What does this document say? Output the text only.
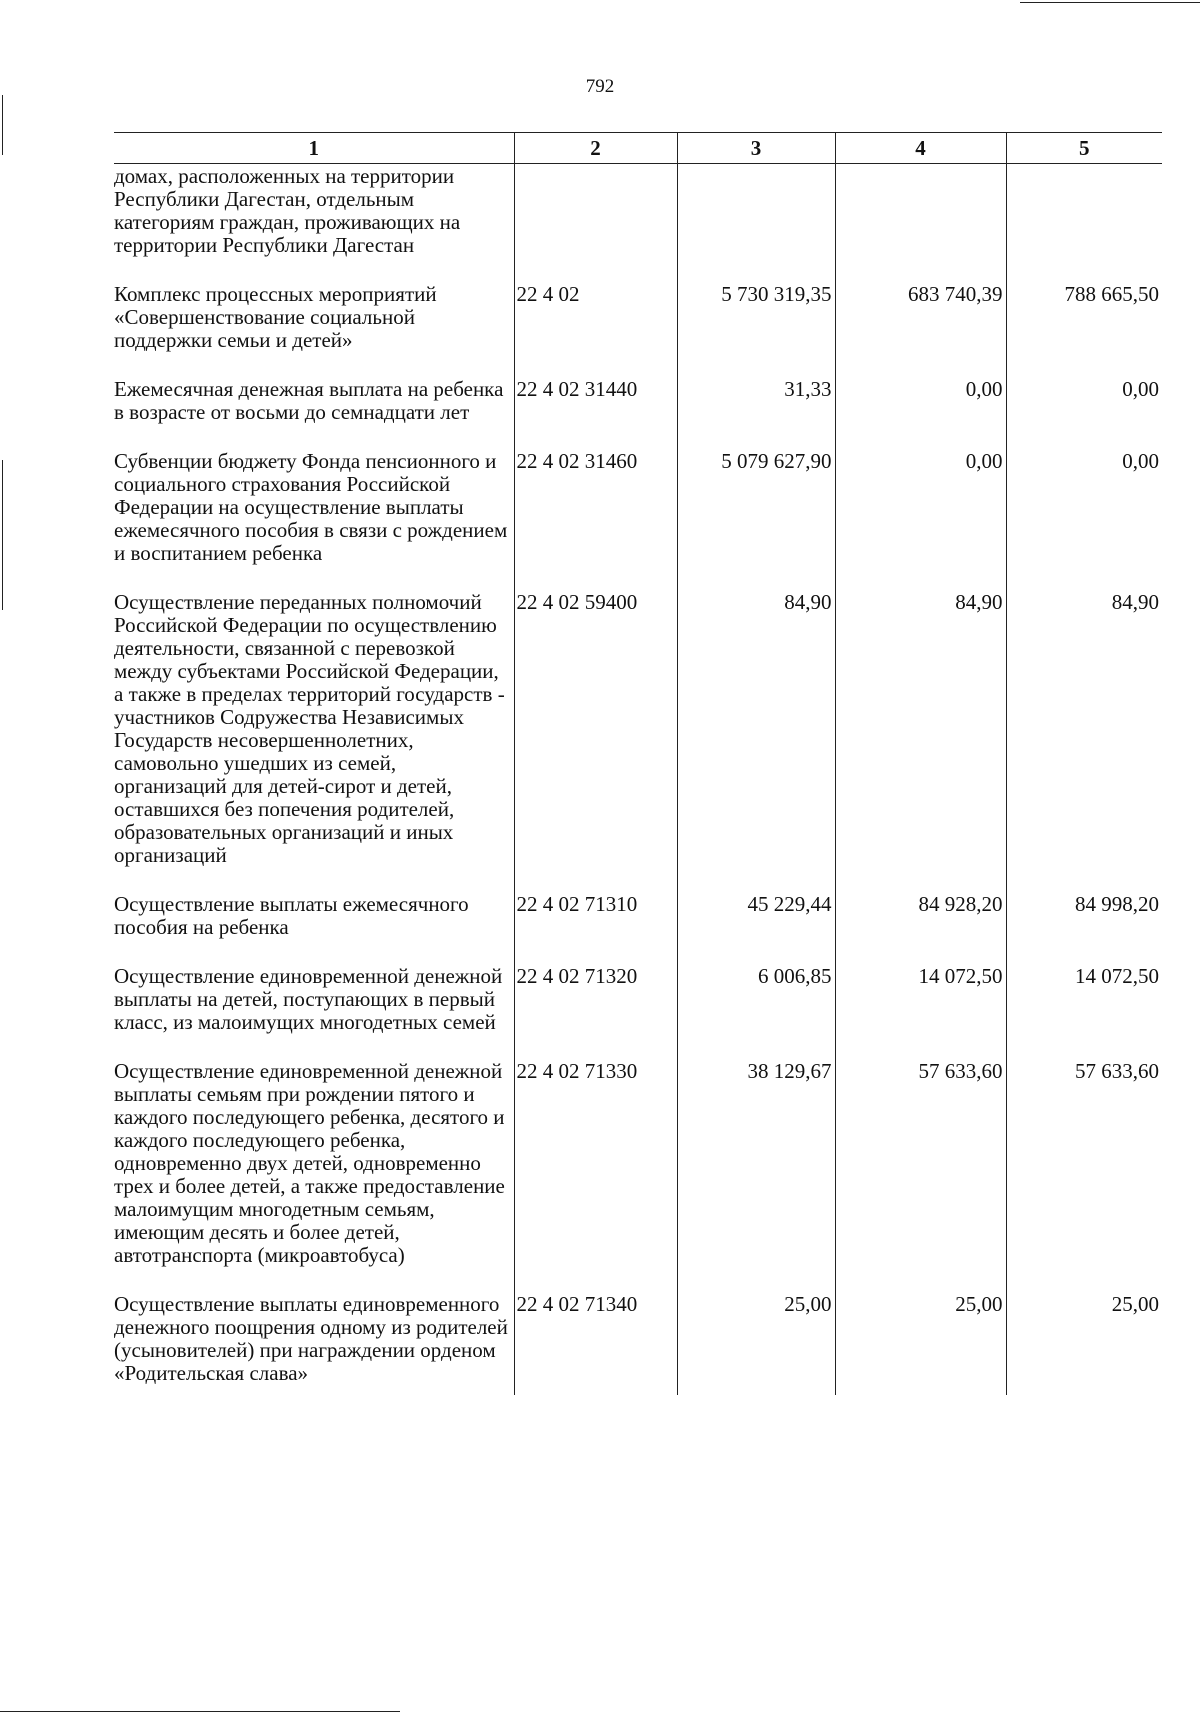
792
1	2	3	4	5
домах, расположенных на территории Республики Дагестан, отдельным категориям граждан, проживающих на территории Республики Дагестан				
Комплекс процессных мероприятий «Совершенствование социальной поддержки семьи и детей»	22 4 02	5 730 319,35	683 740,39	788 665,50
Ежемесячная денежная выплата на ребенка в возрасте от восьми до семнадцати лет	22 4 02 31440	31,33	0,00	0,00
Субвенции бюджету Фонда пенсионного и социального страхования Российской Федерации на осуществление выплаты ежемесячного пособия в связи с рождением и воспитанием ребенка	22 4 02 31460	5 079 627,90	0,00	0,00
Осуществление переданных полномочий Российской Федерации по осуществлению деятельности, связанной с перевозкой между субъектами Российской Федерации, а также в пределах территорий государств - участников Содружества Независимых Государств несовершеннолетних, самовольно ушедших из семей, организаций для детей-сирот и детей, оставшихся без попечения родителей, образовательных организаций и иных организаций	22 4 02 59400	84,90	84,90	84,90
Осуществление выплаты ежемесячного пособия на ребенка	22 4 02 71310	45 229,44	84 928,20	84 998,20
Осуществление единовременной денежной выплаты на детей, поступающих в первый класс, из малоимущих многодетных семей	22 4 02 71320	6 006,85	14 072,50	14 072,50
Осуществление единовременной денежной выплаты семьям при рождении пятого и каждого последующего ребенка, десятого и каждого последующего ребенка, одновременно двух детей, одновременно трех и более детей, а также предоставление малоимущим многодетным семьям, имеющим десять и более детей, автотранспорта (микроавтобуса)	22 4 02 71330	38 129,67	57 633,60	57 633,60
Осуществление выплаты единовременного денежного поощрения одному из родителей (усыновителей) при награждении орденом «Родительская слава»	22 4 02 71340	25,00	25,00	25,00
